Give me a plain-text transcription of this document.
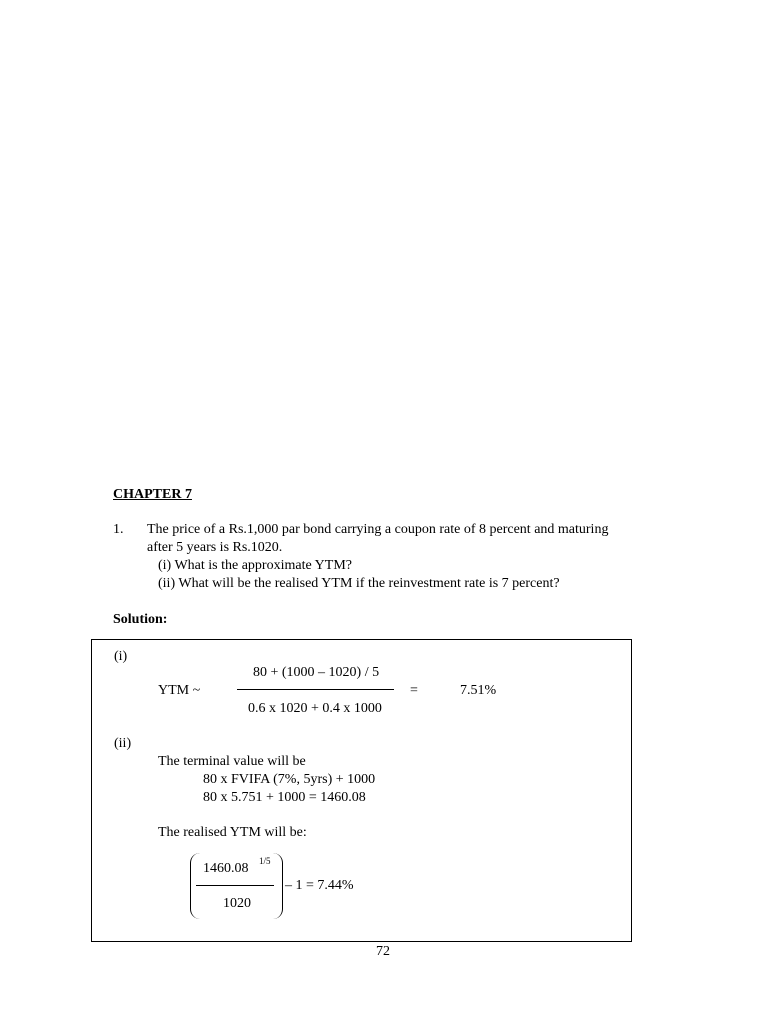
CHAPTER 7
1. The price of a Rs.1,000 par bond carrying a coupon rate of 8 percent and maturing
after 5 years is Rs.1020.
(i) What is the approximate YTM?
(ii) What will be the realised YTM if the reinvestment rate is 7 percent?
Solution:
(i)
YTM ~
80 + (1000 – 1020) / 5
0.6 x 1020 + 0.4 x 1000
=	7.51%
(ii)
The terminal value will be
80 x FVIFA (7%, 5yrs) + 1000
80 x 5.751 + 1000 = 1460.08
The realised YTM will be:
1460.08 1/5
1020
– 1 = 7.44%
72
